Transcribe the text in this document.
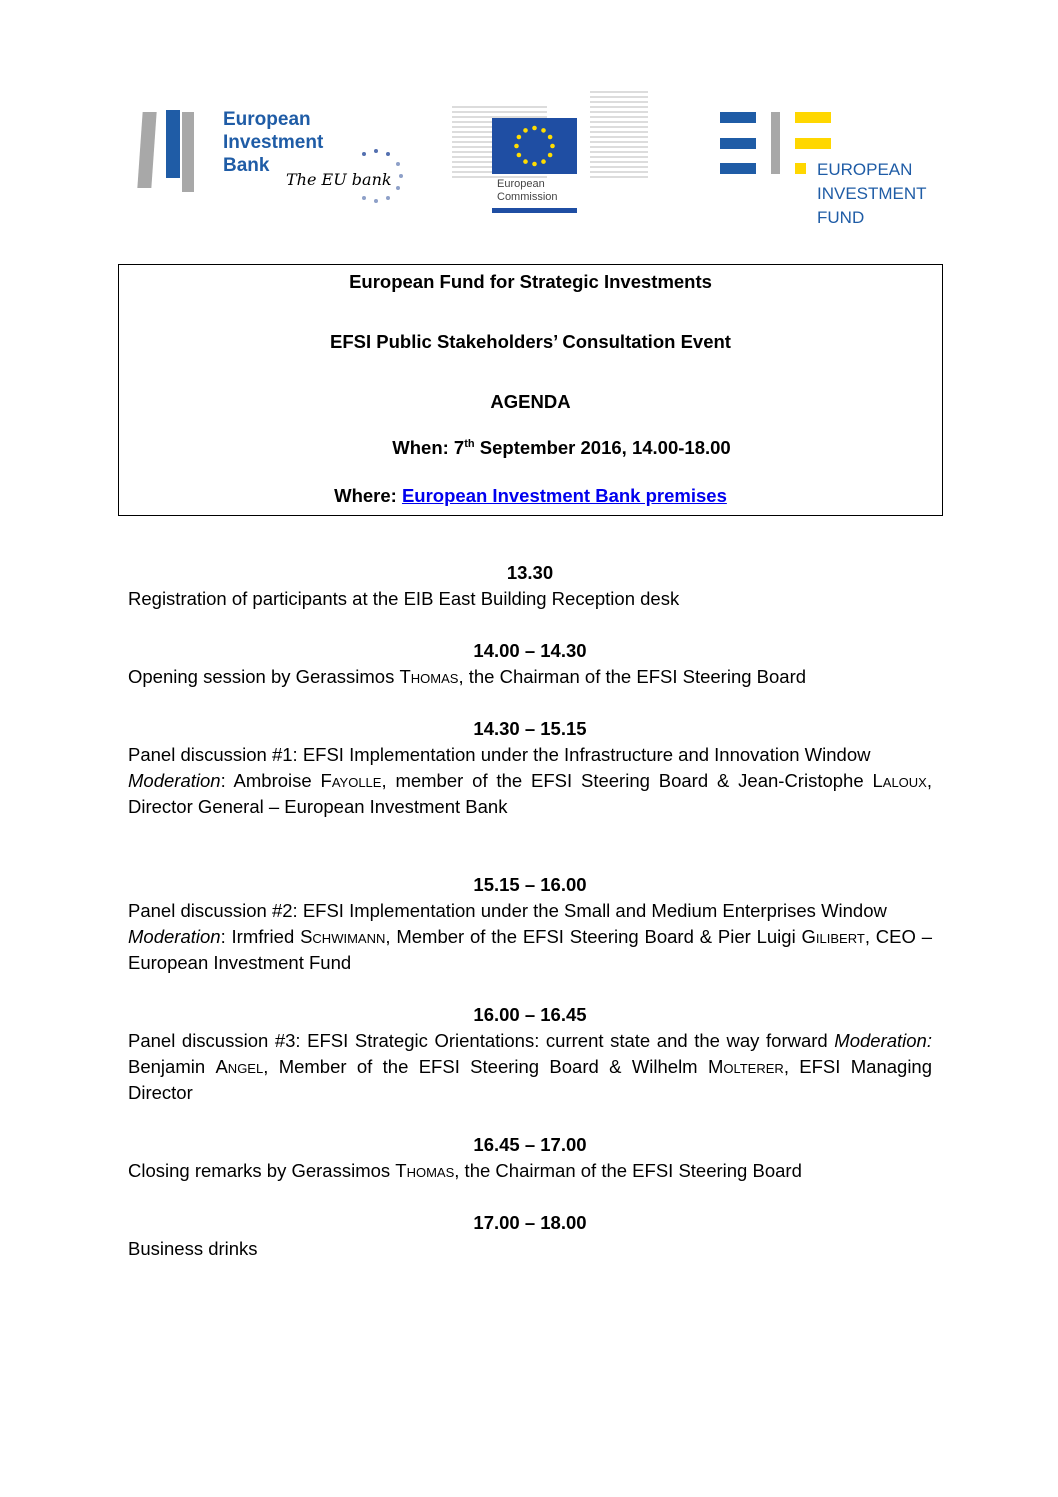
European
Investment
Bank
The EU bank	European
Commission
EUROPEAN
INVESTMENT
FUND
European Fund for Strategic Investments
EFSI Public Stakeholders’ Consultation Event
AGENDA
When: 7th September 2016, 14.00-18.00
Where: European Investment Bank premises
13.30
Registration of participants at the EIB East Building Reception desk
14.00 – 14.30
Opening session by Gerassimos Thomas, the Chairman of the EFSI Steering Board
14.30 – 15.15
Panel discussion #1: EFSI Implementation under the Infrastructure and Innovation Window
Moderation: Ambroise Fayolle, member of the EFSI Steering Board & Jean-Cristophe Laloux, Director General – European Investment Bank
15.15 – 16.00
Panel discussion #2: EFSI Implementation under the Small and Medium Enterprises Window
Moderation: Irmfried Schwimann, Member of the EFSI Steering Board & Pier Luigi Gilibert, CEO – European Investment Fund
16.00 – 16.45
Panel discussion #3: EFSI Strategic Orientations: current state and the way forward Moderation: Benjamin Angel, Member of the EFSI Steering Board & Wilhelm Molterer, EFSI Managing Director
16.45 – 17.00
Closing remarks by Gerassimos Thomas, the Chairman of the EFSI Steering Board
17.00 – 18.00
Business drinks
